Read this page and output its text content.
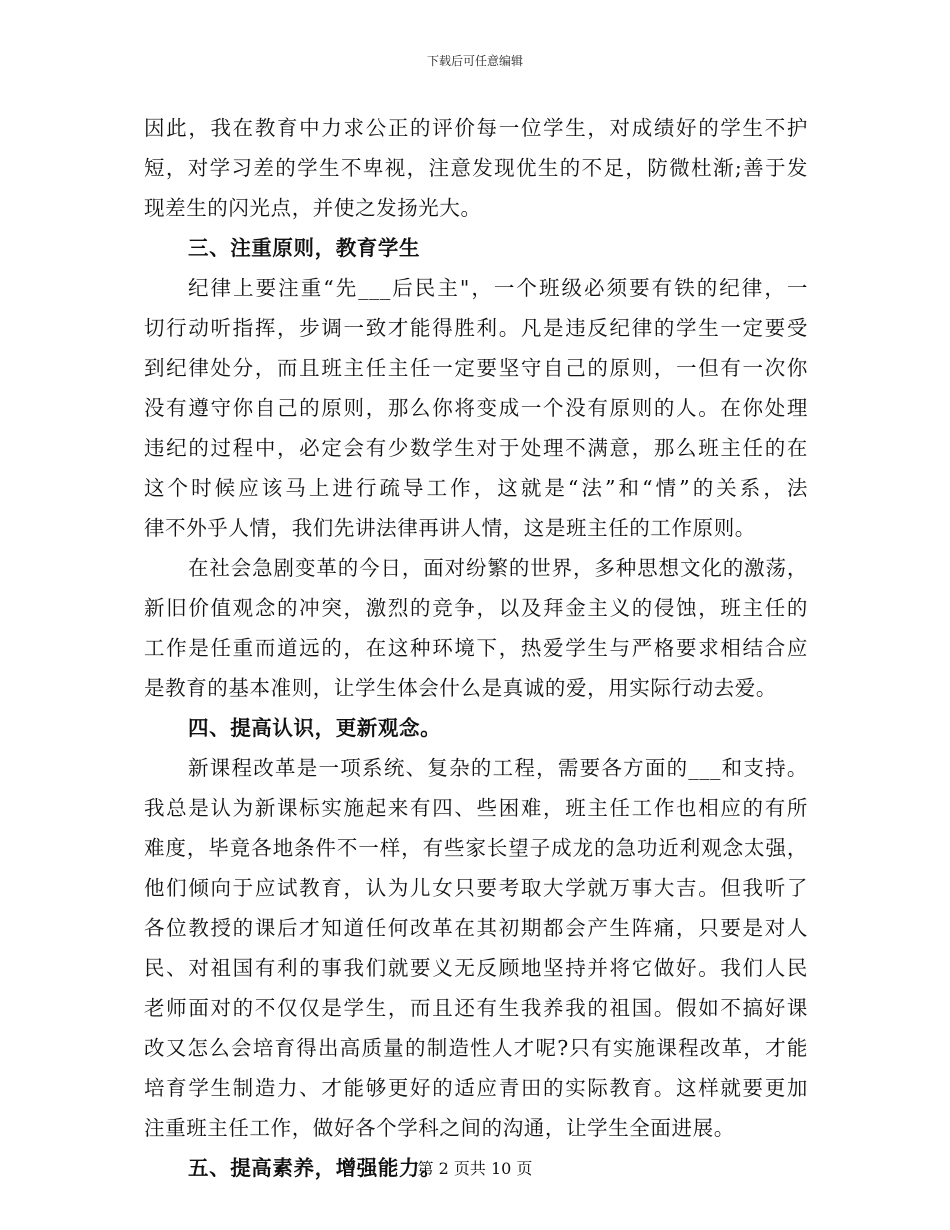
下载后可任意编辑
因此，我在教育中力求公正的评价每一位学生，对成绩好的学生不护
短，对学习差的学生不卑视，注意发现优生的不足，防微杜渐;善于发
现差生的闪光点，并使之发扬光大。
三、注重原则，教育学生
纪律上要注重“先___后民主"，一个班级必须要有铁的纪律，一
切行动听指挥，步调一致才能得胜利。凡是违反纪律的学生一定要受
到纪律处分，而且班主任主任一定要坚守自己的原则，一但有一次你
没有遵守你自己的原则，那么你将变成一个没有原则的人。在你处理
违纪的过程中，必定会有少数学生对于处理不满意，那么班主任的在
这个时候应该马上进行疏导工作，这就是“法”和“情”的关系，法
律不外乎人情，我们先讲法律再讲人情，这是班主任的工作原则。
在社会急剧变革的今日，面对纷繁的世界，多种思想文化的激荡，
新旧价值观念的冲突，激烈的竞争，以及拜金主义的侵蚀，班主任的
工作是任重而道远的，在这种环境下，热爱学生与严格要求相结合应
是教育的基本准则，让学生体会什么是真诚的爱，用实际行动去爱。
四、提高认识，更新观念。
新课程改革是一项系统、复杂的工程，需要各方面的___和支持。
我总是认为新课标实施起来有四、些困难，班主任工作也相应的有所
难度，毕竟各地条件不一样，有些家长望子成龙的急功近利观念太强，
他们倾向于应试教育，认为儿女只要考取大学就万事大吉。但我听了
各位教授的课后才知道任何改革在其初期都会产生阵痛，只要是对人
民、对祖国有利的事我们就要义无反顾地坚持并将它做好。我们人民
老师面对的不仅仅是学生，而且还有生我养我的祖国。假如不搞好课
改又怎么会培育得出高质量的制造性人才呢?只有实施课程改革，才能
培育学生制造力、才能够更好的适应青田的实际教育。这样就要更加
注重班主任工作，做好各个学科之间的沟通，让学生全面进展。
五、提高素养，增强能力。
第 2 页共 10 页
